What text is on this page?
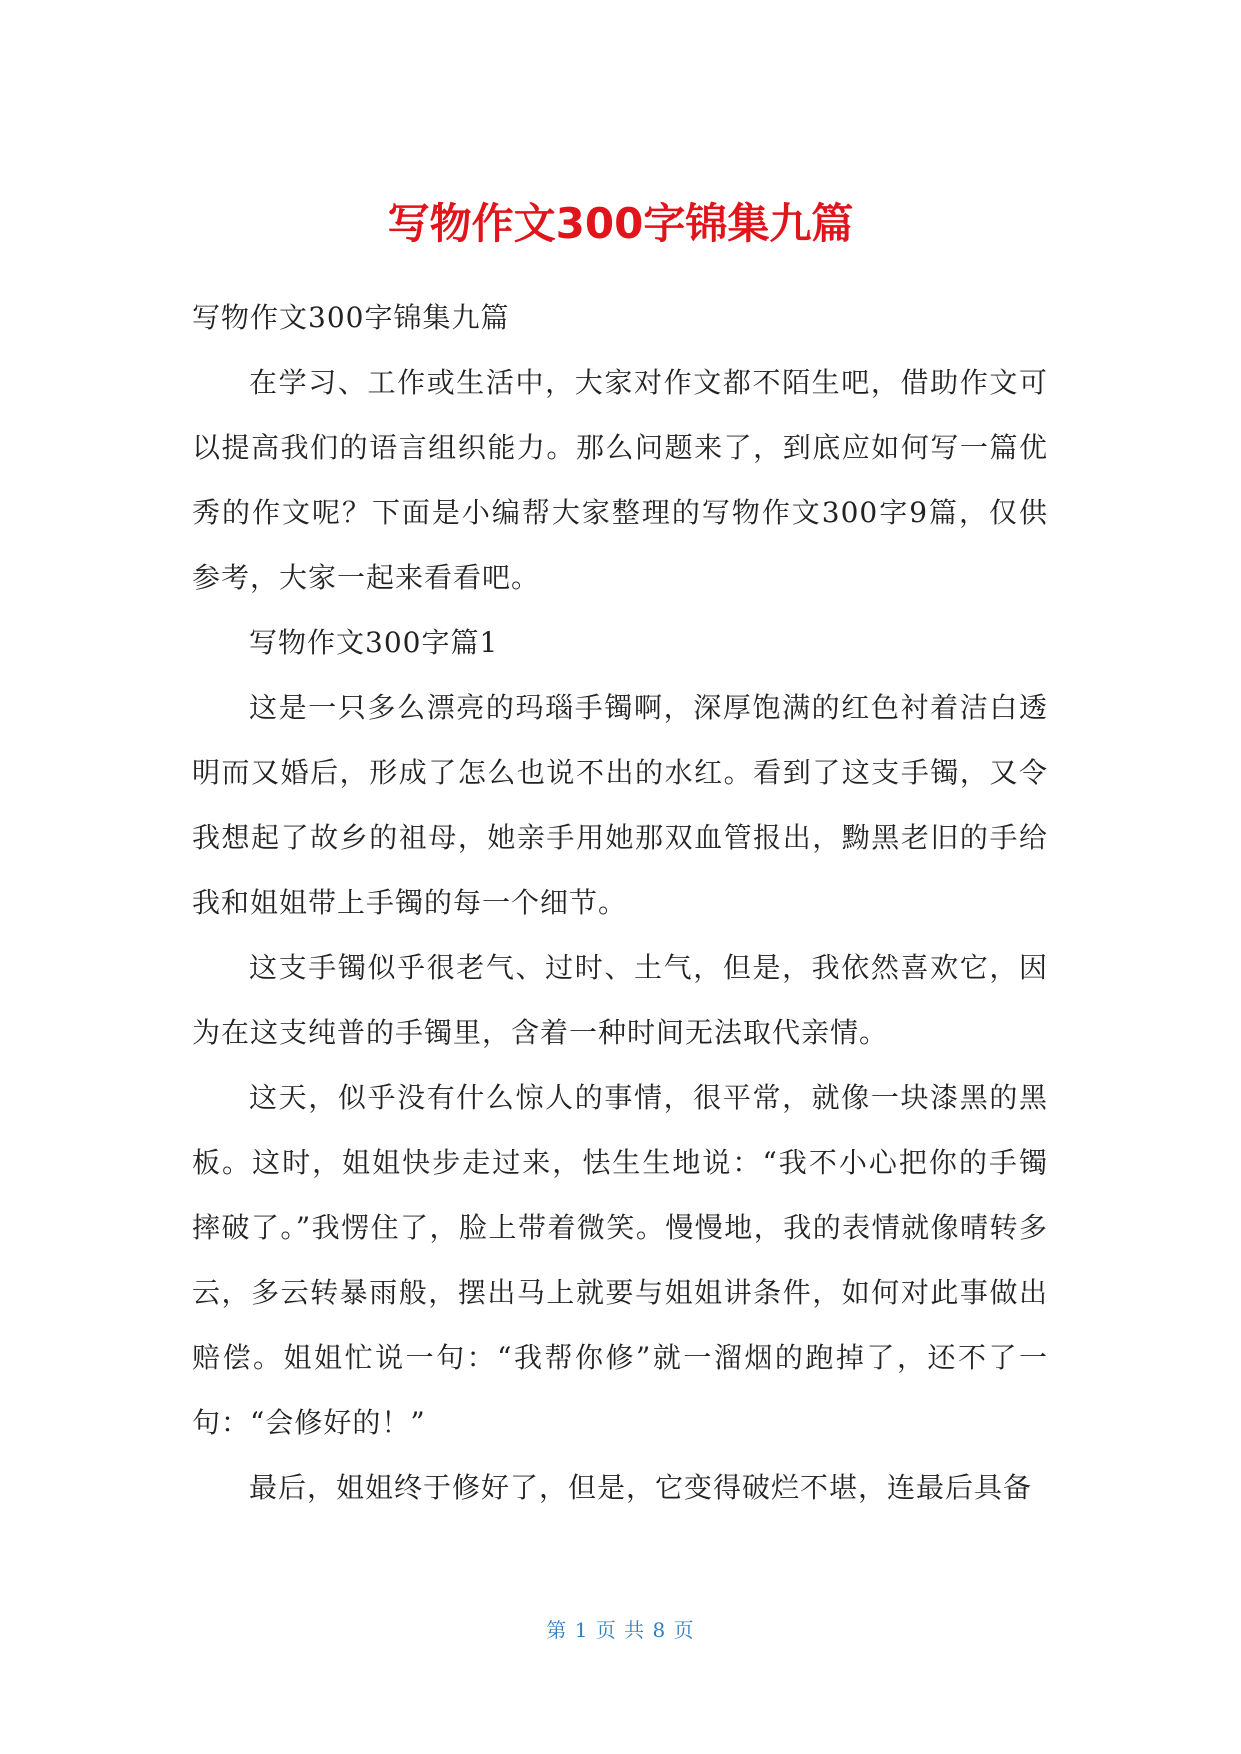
写物作文300字锦集九篇

写物作文300字锦集九篇

在学习、工作或生活中，大家对作文都不陌生吧，借助作文可以提高我们的语言组织能力。那么问题来了，到底应如何写一篇优秀的作文呢？下面是小编帮大家整理的写物作文300字9篇，仅供参考，大家一起来看看吧。

写物作文300字篇1

这是一只多么漂亮的玛瑙手镯啊，深厚饱满的红色衬着洁白透明而又婚后，形成了怎么也说不出的水红。看到了这支手镯，又令我想起了故乡的祖母，她亲手用她那双血管报出，黝黑老旧的手给我和姐姐带上手镯的每一个细节。

这支手镯似乎很老气、过时、土气，但是，我依然喜欢它，因为在这支纯普的手镯里，含着一种时间无法取代亲情。

这天，似乎没有什么惊人的事情，很平常，就像一块漆黑的黑板。这时，姐姐快步走过来，怯生生地说：“我不小心把你的手镯摔破了。”我愣住了，脸上带着微笑。慢慢地，我的表情就像晴转多云，多云转暴雨般，摆出马上就要与姐姐讲条件，如何对此事做出赔偿。姐姐忙说一句：“我帮你修”就一溜烟的跑掉了，还不了一句：“会修好的！”

最后，姐姐终于修好了，但是，它变得破烂不堪，连最后具备

第 1 页 共 8 页
